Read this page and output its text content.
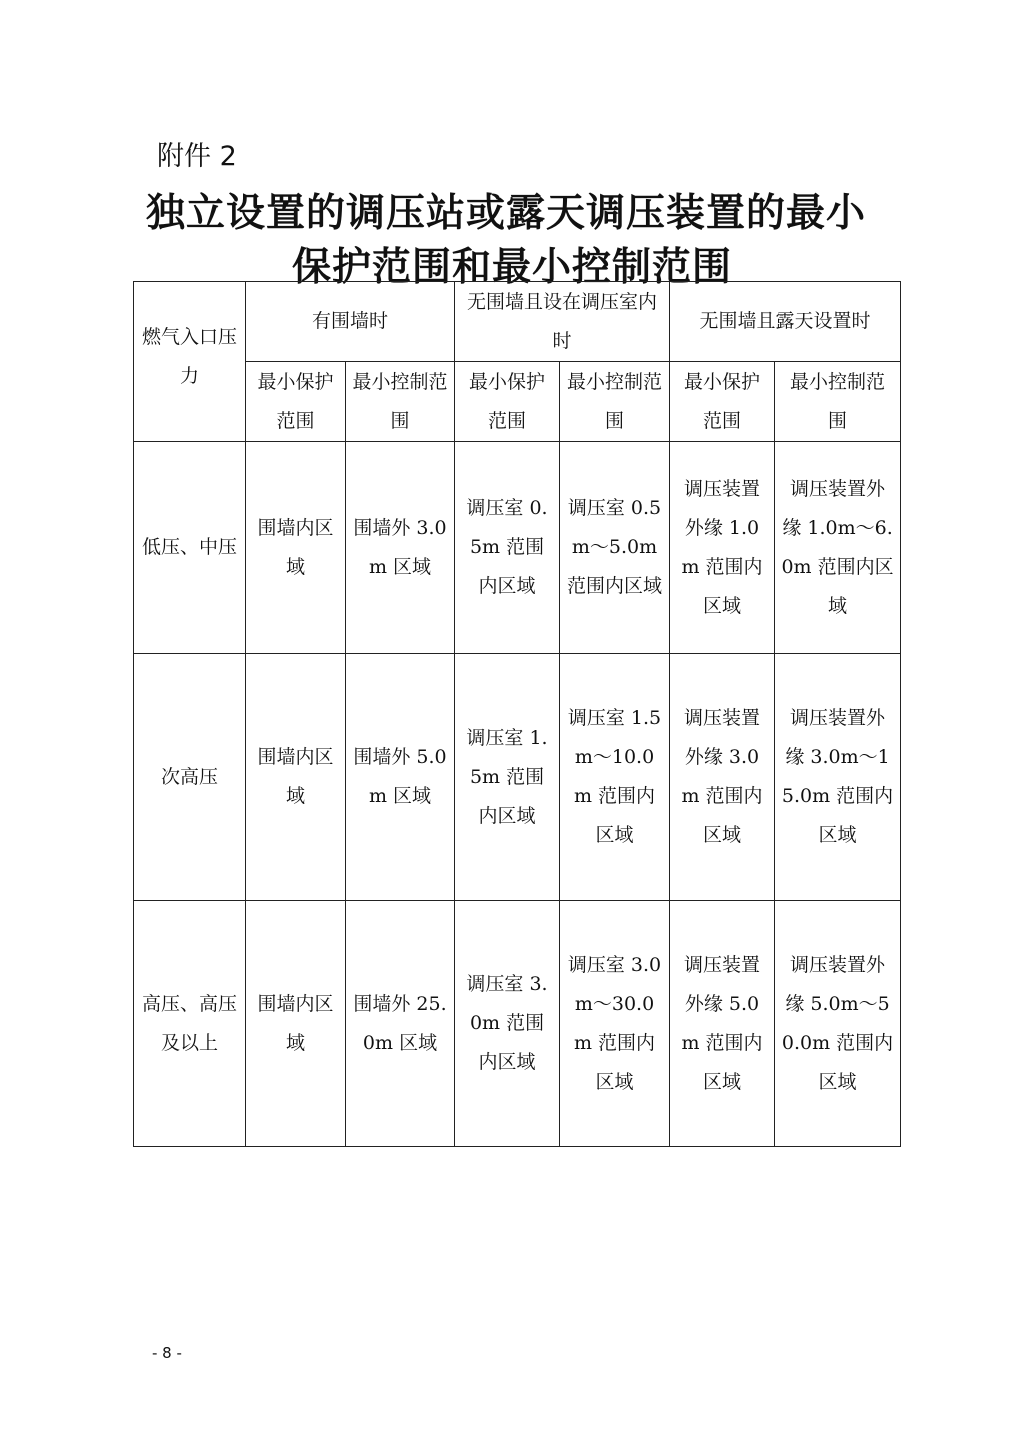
附件 2
独立设置的调压站或露天调压装置的最小
保护范围和最小控制范围
燃气入口压力	有围墙时		无围墙且设在调压室内时		无围墙且露天设置时	
	最小保护范围	最小控制范围	最小保护范围	最小控制范围	最小保护范围	最小控制范围
低压、中压	围墙内区域	围墙外 3.0m 区域	调压室 0.5m 范围内区域	调压室 0.5m～5.0m 范围内区域	调压装置外缘 1.0m 范围内区域	调压装置外缘 1.0m～6.0m 范围内区域
次高压	围墙内区域	围墙外 5.0m 区域	调压室 1.5m 范围内区域	调压室 1.5m～10.0m 范围内区域	调压装置外缘 3.0m 范围内区域	调压装置外缘 3.0m～15.0m 范围内区域
高压、高压及以上	围墙内区域	围墙外 25.0m 区域	调压室 3.0m 范围内区域	调压室 3.0m～30.0m 范围内区域	调压装置外缘 5.0m 范围内区域	调压装置外缘 5.0m～50.0m 范围内区域
- 8 -
